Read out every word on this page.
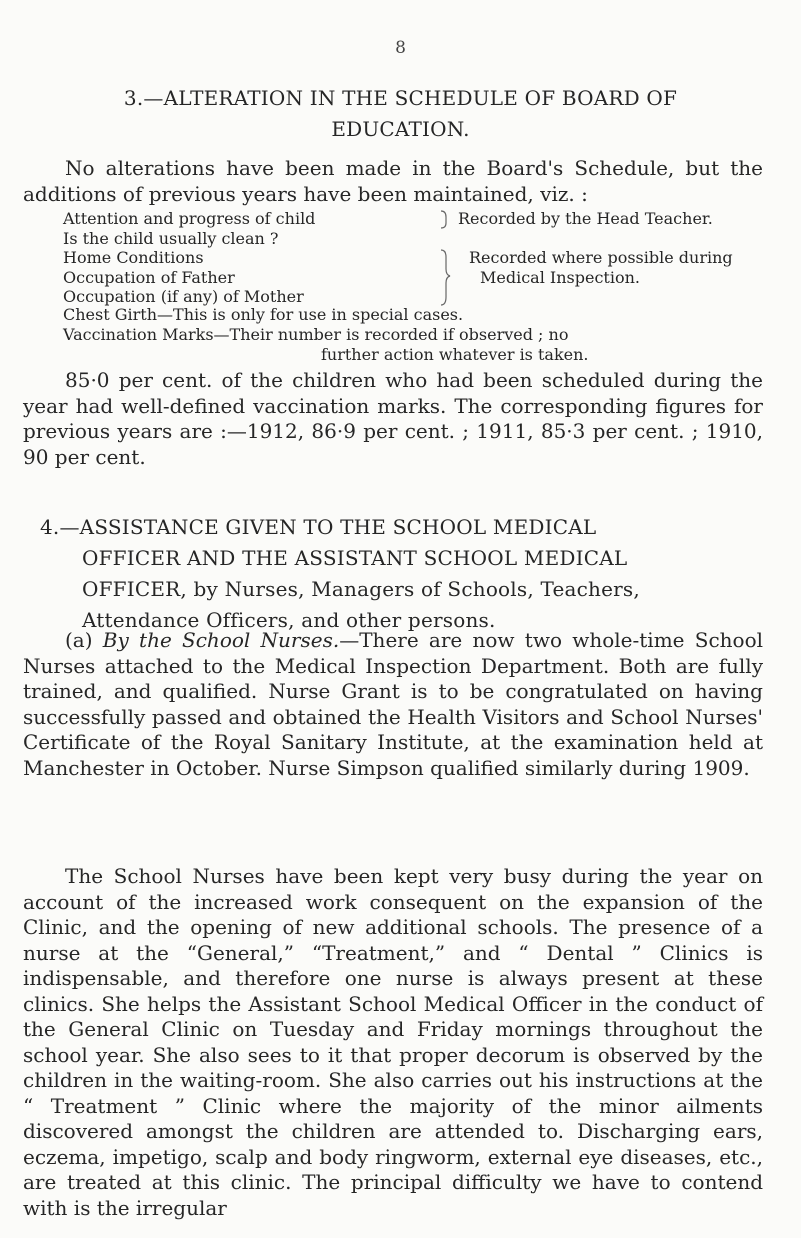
8
3.—ALTERATION IN THE SCHEDULE OF BOARD OF
EDUCATION.

No alterations have been made in the Board's Schedule, but the additions of previous years have been maintained, viz. :

Attention and progress of child
Is the child usually clean ?
Home Conditions
Occupation of Father
Occupation (if any) of Mother
Recorded by the Head Teacher.
Recorded where possible during
Medical Inspection.
Chest Girth—This is only for use in special cases.
Vaccination Marks—Their number is recorded if observed ; no
further action whatever is taken.

85·0 per cent. of the children who had been scheduled during the year had well-defined vaccination marks. The corresponding figures for previous years are :—1912, 86·9 per cent. ; 1911, 85·3 per cent. ; 1910, 90 per cent.

4.—ASSISTANCE GIVEN TO THE SCHOOL MEDICAL
OFFICER AND THE ASSISTANT SCHOOL MEDICAL
OFFICER, by Nurses, Managers of Schools, Teachers,
Attendance Officers, and other persons.

(a) By the School Nurses.—There are now two whole-time School Nurses attached to the Medical Inspection Department. Both are fully trained, and qualified. Nurse Grant is to be congratulated on having successfully passed and obtained the Health Visitors and School Nurses' Certificate of the Royal Sanitary Institute, at the examination held at Manchester in October. Nurse Simpson qualified similarly during 1909.

The School Nurses have been kept very busy during the year on account of the increased work consequent on the expansion of the Clinic, and the opening of new additional schools. The presence of a nurse at the “General,” “Treatment,” and “ Dental ” Clinics is indispensable, and therefore one nurse is always present at these clinics. She helps the Assistant School Medical Officer in the conduct of the General Clinic on Tuesday and Friday mornings throughout the school year. She also sees to it that proper decorum is observed by the children in the waiting-room. She also carries out his instructions at the “ Treatment ” Clinic where the majority of the minor ailments discovered amongst the children are attended to. Discharging ears, eczema, impetigo, scalp and body ringworm, external eye diseases, etc., are treated at this clinic. The principal difficulty we have to contend with is the irregular
